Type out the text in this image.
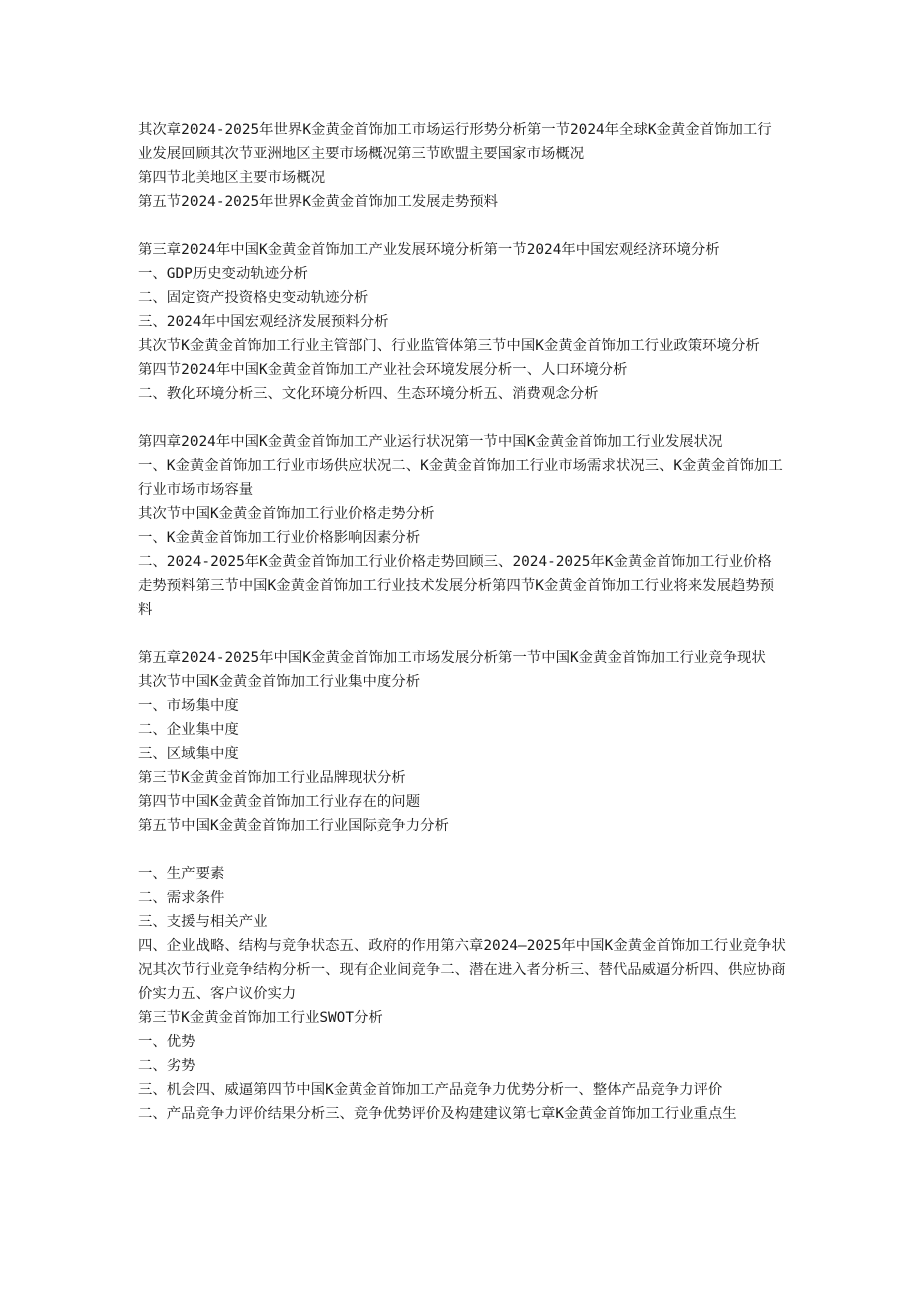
其次章2024-2025年世界K金黄金首饰加工市场运行形势分析第一节2024年全球K金黄金首饰加工行业发展回顾其次节亚洲地区主要市场概况第三节欧盟主要国家市场概况

第四节北美地区主要市场概况

第五节2024-2025年世界K金黄金首饰加工发展走势预料

第三章2024年中国K金黄金首饰加工产业发展环境分析第一节2024年中国宏观经济环境分析

一、GDP历史变动轨迹分析

二、固定资产投资格史变动轨迹分析

三、2024年中国宏观经济发展预料分析

其次节K金黄金首饰加工行业主管部门、行业监管体第三节中国K金黄金首饰加工行业政策环境分析

第四节2024年中国K金黄金首饰加工产业社会环境发展分析一、人口环境分析

二、教化环境分析三、文化环境分析四、生态环境分析五、消费观念分析

第四章2024年中国K金黄金首饰加工产业运行状况第一节中国K金黄金首饰加工行业发展状况

一、K金黄金首饰加工行业市场供应状况二、K金黄金首饰加工行业市场需求状况三、K金黄金首饰加工行业市场市场容量

其次节中国K金黄金首饰加工行业价格走势分析

一、K金黄金首饰加工行业价格影响因素分析

二、2024-2025年K金黄金首饰加工行业价格走势回顾三、2024-2025年K金黄金首饰加工行业价格走势预料第三节中国K金黄金首饰加工行业技术发展分析第四节K金黄金首饰加工行业将来发展趋势预料

第五章2024-2025年中国K金黄金首饰加工市场发展分析第一节中国K金黄金首饰加工行业竞争现状

其次节中国K金黄金首饰加工行业集中度分析

一、市场集中度

二、企业集中度

三、区域集中度

第三节K金黄金首饰加工行业品牌现状分析

第四节中国K金黄金首饰加工行业存在的问题

第五节中国K金黄金首饰加工行业国际竞争力分析

一、生产要素

二、需求条件

三、支援与相关产业

四、企业战略、结构与竞争状态五、政府的作用第六章2024—2025年中国K金黄金首饰加工行业竞争状况其次节行业竞争结构分析一、现有企业间竞争二、潜在进入者分析三、替代品威逼分析四、供应协商价实力五、客户议价实力

第三节K金黄金首饰加工行业SWOT分析

一、优势

二、劣势

三、机会四、威逼第四节中国K金黄金首饰加工产品竞争力优势分析一、整体产品竞争力评价

二、产品竞争力评价结果分析三、竞争优势评价及构建建议第七章K金黄金首饰加工行业重点生
